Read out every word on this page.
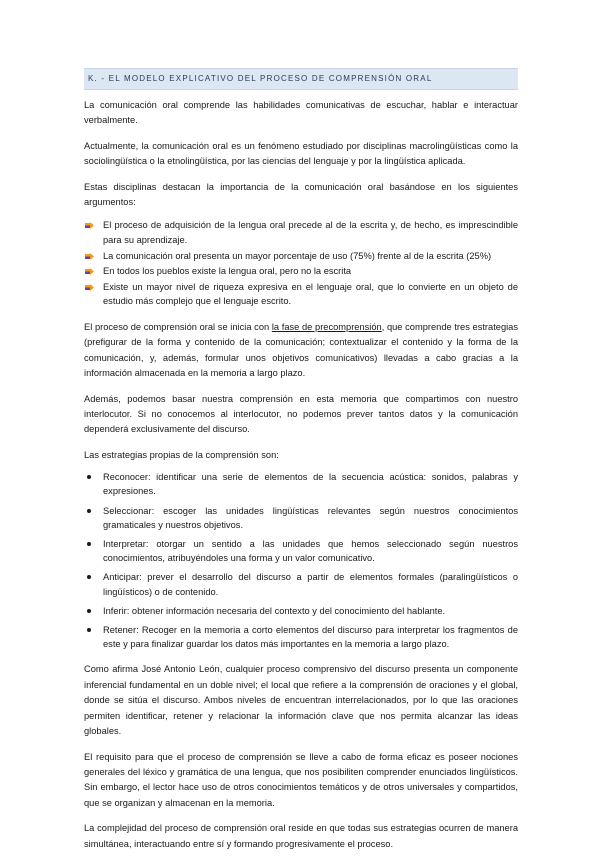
K. - EL MODELO EXPLICATIVO DEL PROCESO DE COMPRENSIÓN ORAL

La comunicación oral comprende las habilidades comunicativas de escuchar, hablar e interactuar verbalmente.

Actualmente, la comunicación oral es un fenómeno estudiado por disciplinas macrolingüísticas como la sociolingüística o la etnolingüística, por las ciencias del lenguaje y por la lingüística aplicada.

Estas disciplinas destacan la importancia de la comunicación oral basándose en los siguientes argumentos:

El proceso de adquisición de la lengua oral precede al de la escrita y, de hecho, es imprescindible para su aprendizaje.
La comunicación oral presenta un mayor porcentaje de uso (75%) frente al de la escrita (25%)
En todos los pueblos existe la lengua oral, pero no la escrita
Existe un mayor nivel de riqueza expresiva en el lenguaje oral, que lo convierte en un objeto de estudio más complejo que el lenguaje escrito.

El proceso de comprensión oral se inicia con la fase de precomprensión, que comprende tres estrategias (prefigurar de la forma y contenido de la comunicación; contextualizar el contenido y la forma de la comunicación, y, además, formular unos objetivos comunicativos) llevadas a cabo gracias a la información almacenada en la memoria a largo plazo.

Además, podemos basar nuestra comprensión en esta memoria que compartimos con nuestro interlocutor. Si no conocemos al interlocutor, no podemos prever tantos datos y la comunicación dependerá exclusivamente del discurso.

Las estrategias propias de la comprensión son:

Reconocer: identificar una serie de elementos de la secuencia acústica: sonidos, palabras y expresiones.
Seleccionar: escoger las unidades lingüísticas relevantes según nuestros conocimientos gramaticales y nuestros objetivos.
Interpretar: otorgar un sentido a las unidades que hemos seleccionado según nuestros conocimientos, atribuyéndoles una forma y un valor comunicativo.
Anticipar: prever el desarrollo del discurso a partir de elementos formales (paralingüísticos o lingüísticos) o de contenido.
Inferir: obtener información necesaria del contexto y del conocimiento del hablante.
Retener: Recoger en la memoria a corto elementos del discurso para interpretar los fragmentos de este y para finalizar guardar los datos más importantes en la memoria a largo plazo.

Como afirma José Antonio León, cualquier proceso comprensivo del discurso presenta un componente inferencial fundamental en un doble nivel; el local que refiere a la comprensión de oraciones y el global, donde se sitúa el discurso. Ambos niveles de encuentran interrelacionados, por lo que las oraciones permiten identificar, retener y relacionar la información clave que nos permita alcanzar las ideas globales.

El requisito para que el proceso de comprensión se lleve a cabo de forma eficaz es poseer nociones generales del léxico y gramática de una lengua, que nos posibiliten comprender enunciados lingüísticos. Sin embargo, el lector hace uso de otros conocimientos temáticos y de otros universales y compartidos, que se organizan y almacenan en la memoria.

La complejidad del proceso de comprensión oral reside en que todas sus estrategias ocurren de manera simultánea, interactuando entre sí y formando progresivamente el proceso.
